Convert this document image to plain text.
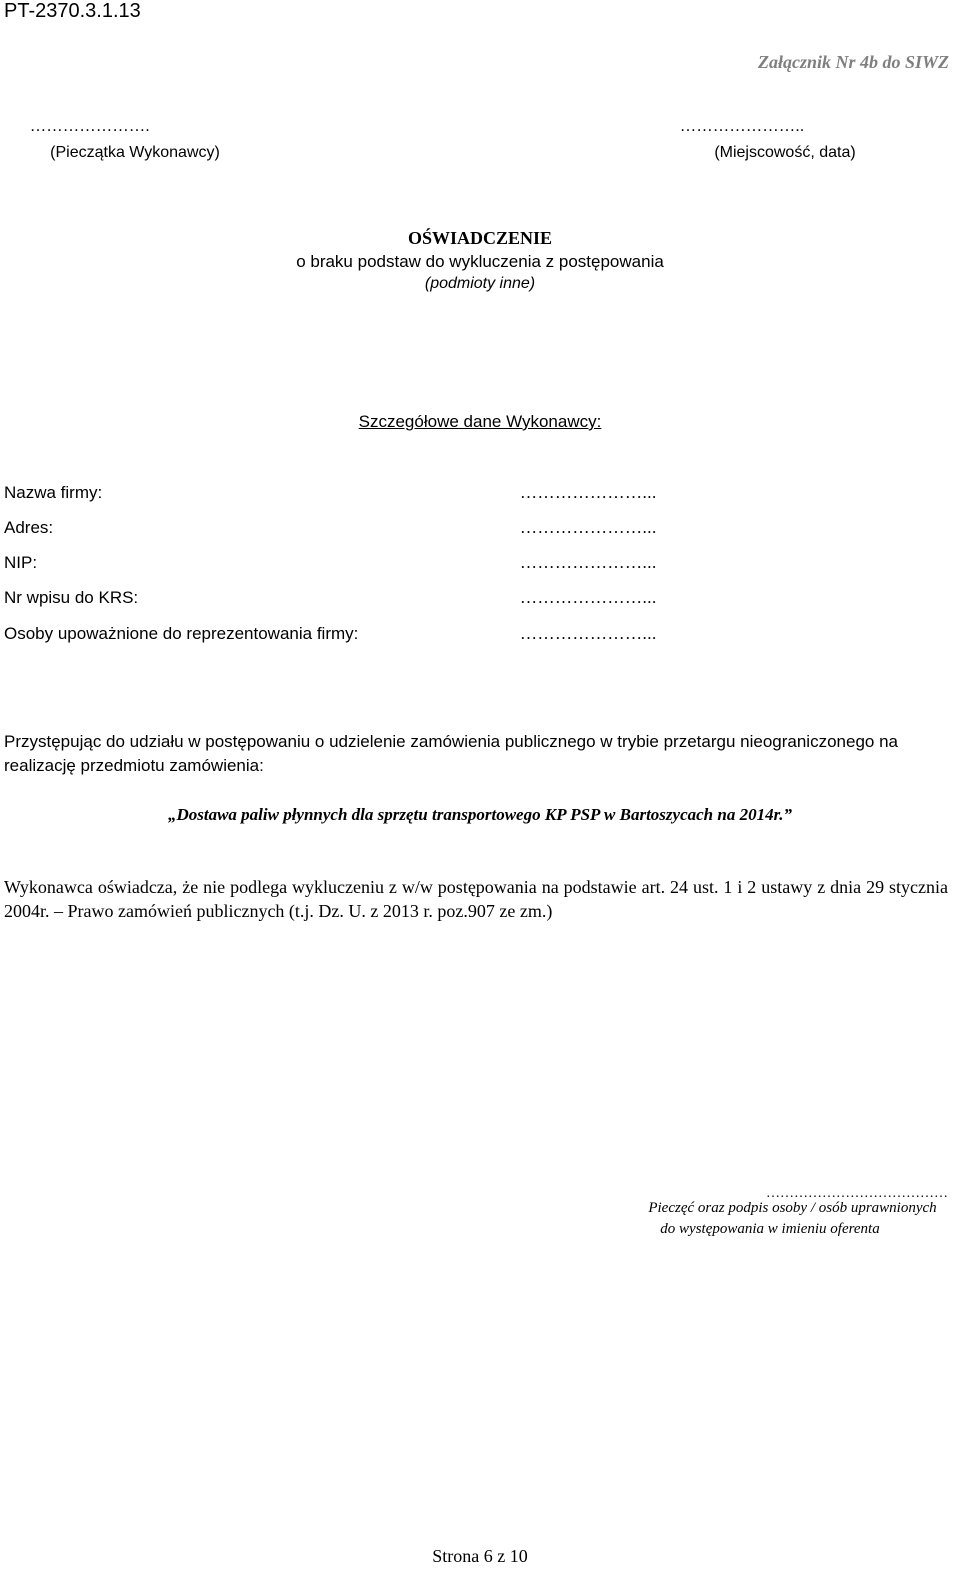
PT-2370.3.1.13
Załącznik Nr 4b do SIWZ
………………….
(Pieczątka Wykonawcy)
…………………..
(Miejscowość, data)
OŚWIADCZENIE
o braku podstaw do wykluczenia z postępowania
(podmioty inne)
Szczegółowe dane Wykonawcy:
Nazwa firmy:	…………………...
Adres:	…………………...
NIP:	…………………...
Nr wpisu do KRS:	…………………...
Osoby upoważnione do reprezentowania firmy:	…………………...
Przystępując do udziału w postępowaniu o udzielenie zamówienia publicznego w trybie przetargu nieograniczonego na realizację przedmiotu zamówienia:
„Dostawa paliw płynnych dla sprzętu transportowego KP PSP w Bartoszycach na 2014r.”
Wykonawca oświadcza, że nie podlega wykluczeniu z w/w postępowania na podstawie art. 24 ust. 1 i 2 ustawy z dnia 29 stycznia 2004r. – Prawo zamówień publicznych (t.j. Dz. U. z 2013 r. poz.907 ze zm.)
…………………………………
Pieczęć oraz podpis osoby / osób uprawnionych
do występowania w imieniu oferenta
Strona 6 z 10
